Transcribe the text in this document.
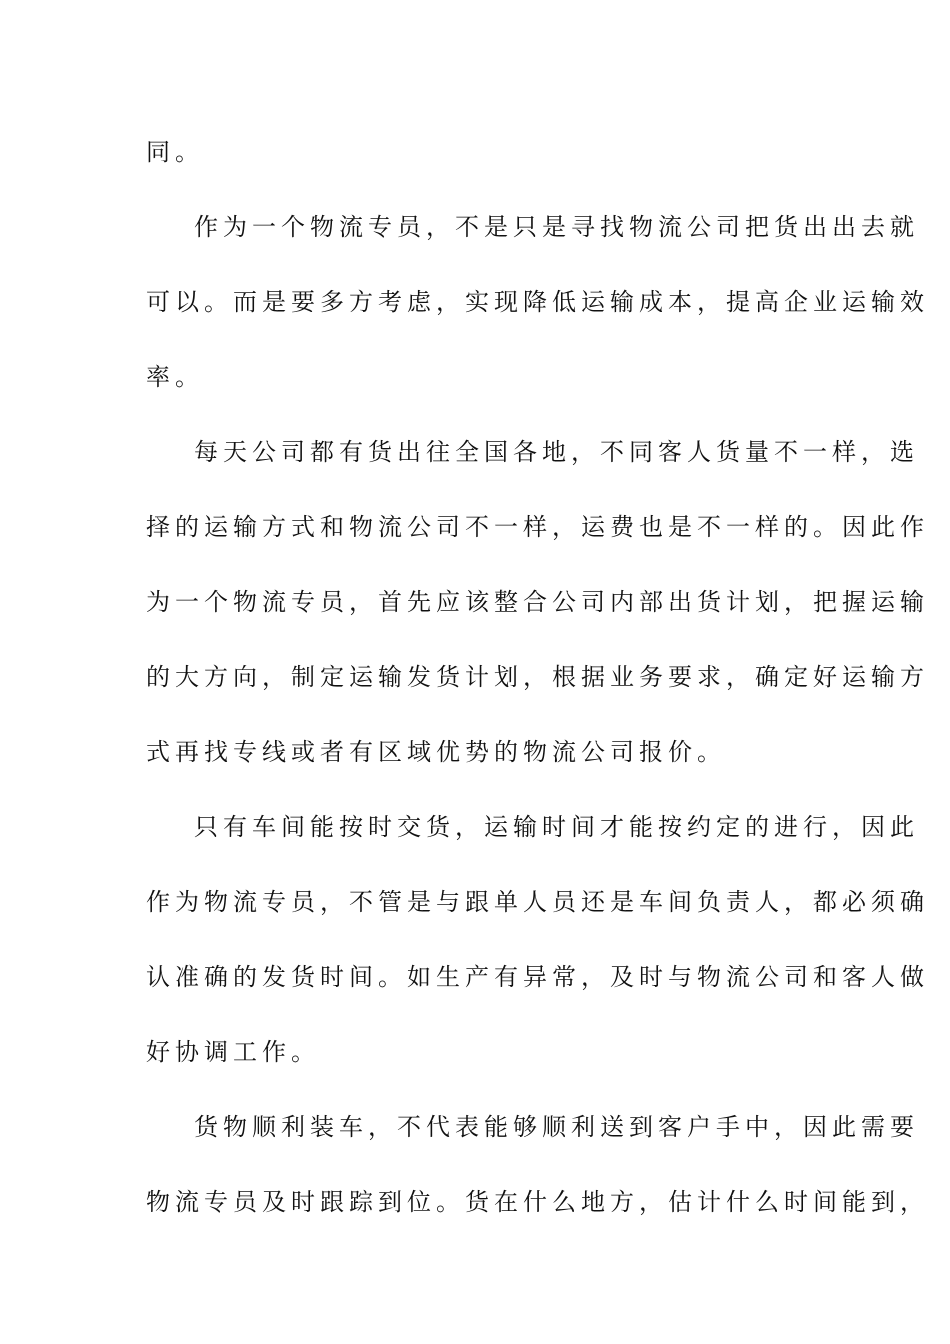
同。
作为一个物流专员，不是只是寻找物流公司把货出出去就
可以。而是要多方考虑，实现降低运输成本，提高企业运输效
率。
每天公司都有货出往全国各地，不同客人货量不一样，选
择的运输方式和物流公司不一样，运费也是不一样的。因此作
为一个物流专员，首先应该整合公司内部出货计划，把握运输
的大方向，制定运输发货计划，根据业务要求，确定好运输方
式再找专线或者有区域优势的物流公司报价。
只有车间能按时交货，运输时间才能按约定的进行，因此
作为物流专员，不管是与跟单人员还是车间负责人，都必须确
认准确的发货时间。如生产有异常，及时与物流公司和客人做
好协调工作。
货物顺利装车，不代表能够顺利送到客户手中，因此需要
物流专员及时跟踪到位。货在什么地方，估计什么时间能到，
